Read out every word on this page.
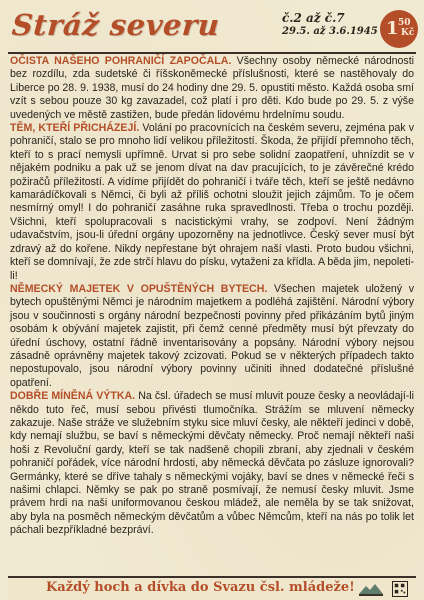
Stráž severu	č.2 až č.7
29.5. až 3.6.1945 1 50
Kč

OČISTA NAŠEHO POHRANIČÍ ZAPOČALA. Všechny osoby německé národnosti bez rozdílu, zda sudetské či říšskoněmecké příslušnosti, které se nastěhovaly do Liberce po 28. 9. 1938, musí do 24 hodiny dne 29. 5. opustiti město. Každá osoba smí vzít s sebou pouze 30 kg zavazadel, což platí i pro děti. Kdo bude po 29. 5. z výše uvedených ve městě zastižen, bude předán lidovému hrdelnímu soudu.

TĚM, KTEŘÍ PŘICHÁZEJÍ. Volání po pracovnících na českém severu, zejména pak v pohraničí, stalo se pro mnoho lidí velikou příležitostí. Škoda, že přijídí přemnoho těch, kteří to s prací nemysli upřímně. Urvat si pro sebe solidní zaopatření, uhnízdit se v nějakém podniku a pak už se jenom dívat na dav pracujících, to je závěrečné krédo požiračů příležitostí. A vidíme přijídět do pohraničí i tváře těch, kteří se ještě nedávno kamarádíčkovali s Němci, či byli až příliš ochotni sloužit jejich zájmům. To je očem nesmírný omyl! I do pohraničí zasáhne ruka spravedlnosti. Třeba o trochu později. Všichni, kteří spolupracovali s nacistickými vrahy, se zodpoví. Není žádným udavačstvím, jsou-li úřední orgány upozorněny na jednotlivce. Český sever musí být zdravý až do kořene. Nikdy nepřestane být ohrajem naší vlasti. Proto budou všichni, kteří se domnívají, že zde strčí hlavu do písku, vytaženi za křídla. A běda jim, nepoleti-li!

NĚMECKÝ MAJETEK V OPUŠTĚNÝCH BYTECH. Všechen majetek uložený v bytech opuštěnými Němci je národním majetkem a podléhá zajištění. Národní výbory jsou v součinnosti s orgány národní bezpečnosti povinny před přikázáním bytů jiným osobám k obývání majetek zajistit, při čemž cenné předměty musí být převzaty do úřední úschovy, ostatní řádně inventarisovány a popsány. Národní výbory nejsou zásadně oprávněny majetek takový zcizovati. Pokud se v některých případech takto nepostupovalo, jsou národní výbory povinny učiniti ihned dodatečné příslušné opatření.

DOBŘE MÍNĚNÁ VÝTKA. Na čsl. úřadech se musí mluvit pouze česky a neovládají-li někdo tuto řeč, musí sebou přivésti tlumočníka. Strážím se mluvení německy zakazuje. Naše stráže ve služebním styku sice mluví česky, ale někteří jedinci v době, kdy nemají službu, se baví s německými děvčaty německy. Proč nemají někteří naši hoši z Revoluční gardy, kteří se tak nadšeně chopili zbraní, aby zjednali v českém pohraničí pořádek, více národní hrdosti, aby německá děvčata po zásluze ignorovali? Germánky, které se dříve tahaly s německými vojáky, baví se dnes v německé řeči s našimi chlapci. Němky se pak po straně posmívají, že nemusí česky mluvit. Jsme právem hrdi na naši uniformovanou českou mládež, ale neměla by se tak snižovat, aby byla na posměch německým děvčatům a vůbec Němcům, kteří na nás po tolik let páchali bezpříkladné bezpráví.

Každý hoch a dívka do Svazu čsl. mládeže!
